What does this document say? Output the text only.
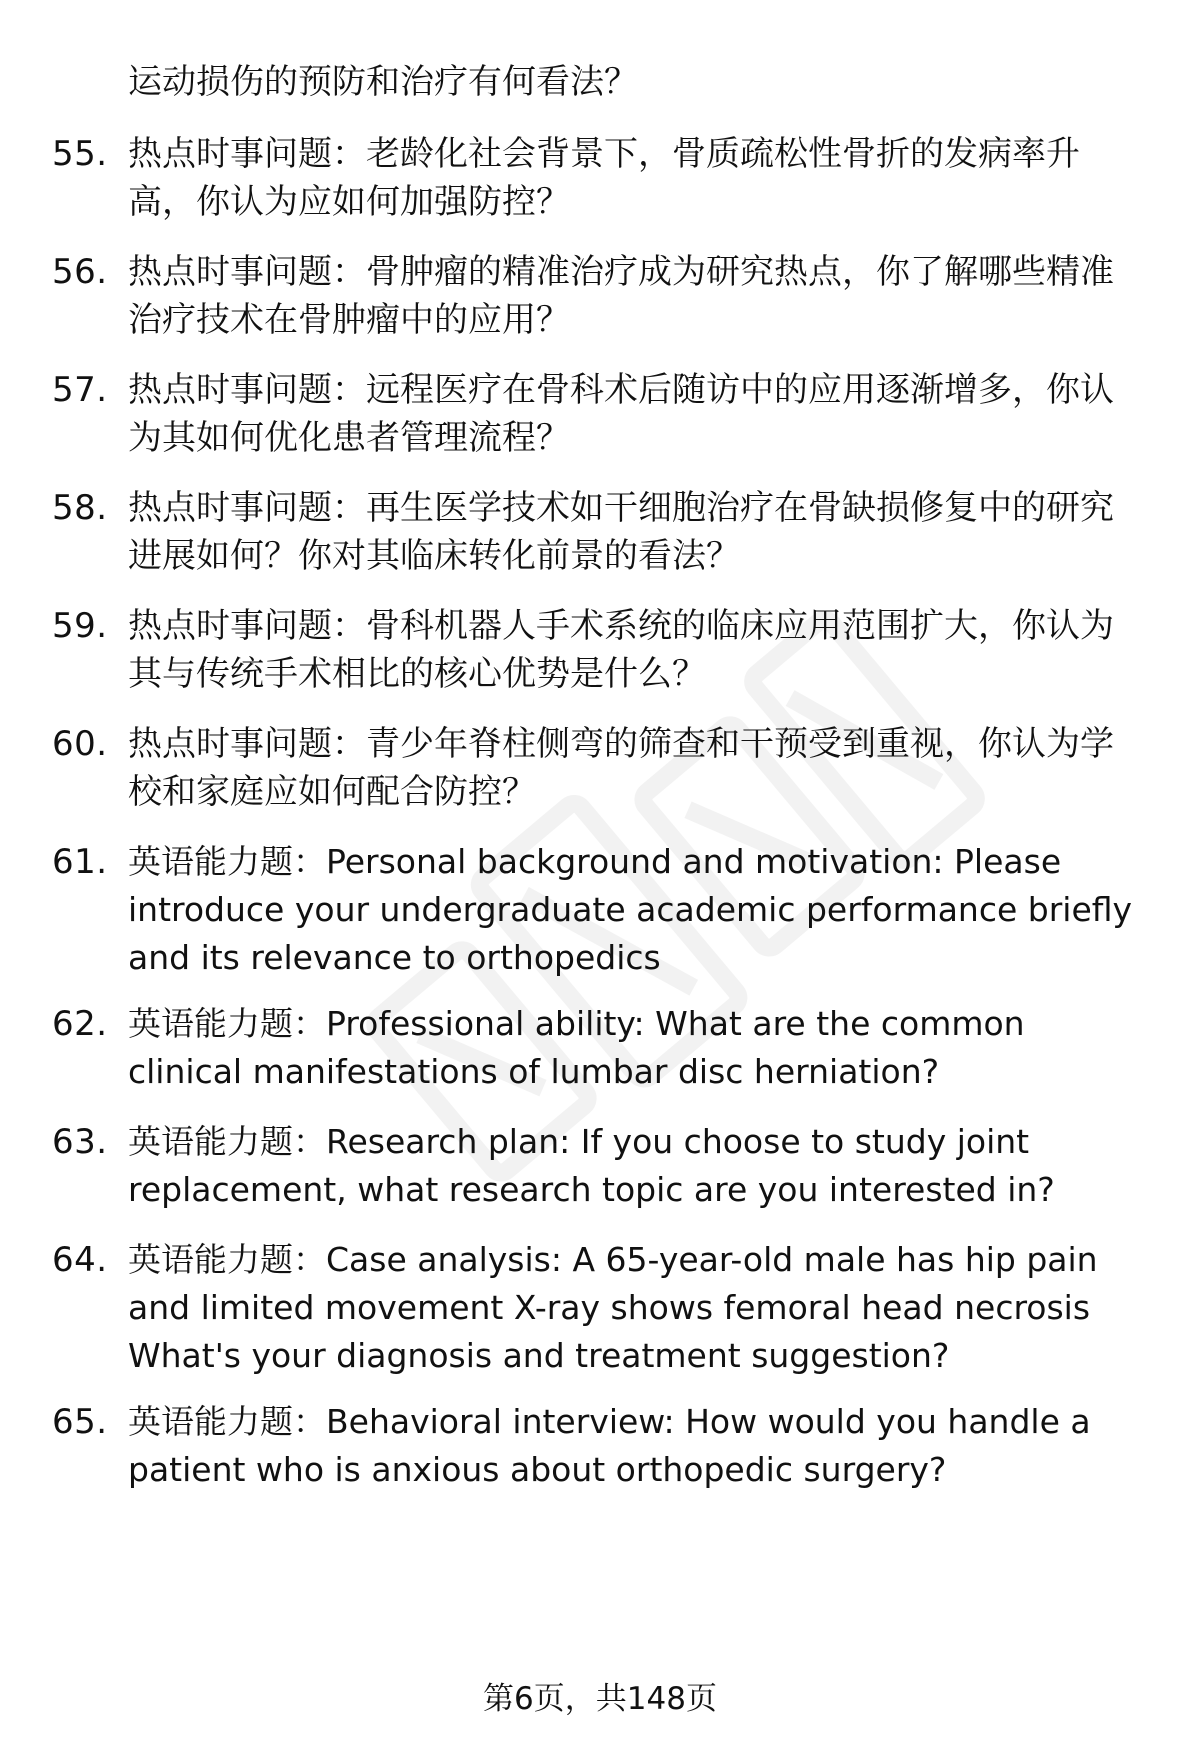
运动损伤的预防和治疗有何看法？
55. 热点时事问题：老龄化社会背景下，骨质疏松性骨折的发病率升高，你认为应如何加强防控？
56. 热点时事问题：骨肿瘤的精准治疗成为研究热点，你了解哪些精准治疗技术在骨肿瘤中的应用？
57. 热点时事问题：远程医疗在骨科术后随访中的应用逐渐增多，你认为其如何优化患者管理流程？
58. 热点时事问题：再生医学技术如干细胞治疗在骨缺损修复中的研究进展如何？你对其临床转化前景的看法？
59. 热点时事问题：骨科机器人手术系统的临床应用范围扩大，你认为其与传统手术相比的核心优势是什么？
60. 热点时事问题：青少年脊柱侧弯的筛查和干预受到重视，你认为学校和家庭应如何配合防控？
61. 英语能力题：Personal background and motivation: Please introduce your undergraduate academic performance briefly and its relevance to orthopedics
62. 英语能力题：Professional ability: What are the common clinical manifestations of lumbar disc herniation?
63. 英语能力题：Research plan: If you choose to study joint replacement, what research topic are you interested in?
64. 英语能力题：Case analysis: A 65-year-old male has hip pain and limited movement X-ray shows femoral head necrosis What's your diagnosis and treatment suggestion?
65. 英语能力题：Behavioral interview: How would you handle a patient who is anxious about orthopedic surgery?
第6页，共148页
